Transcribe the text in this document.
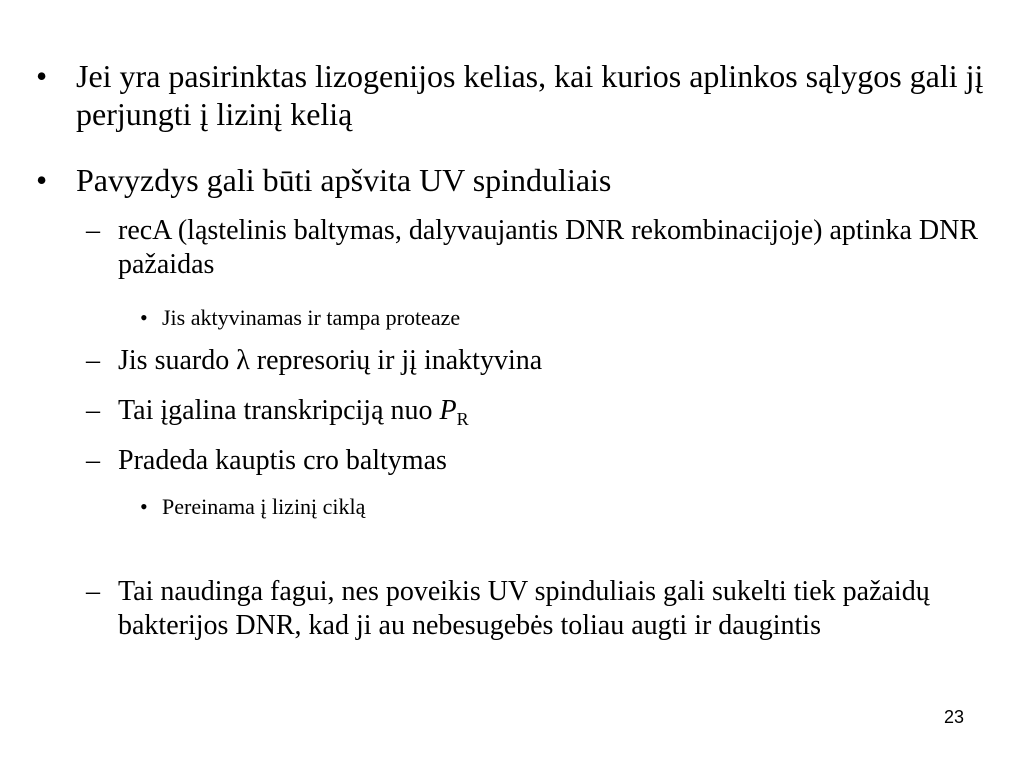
• Jei yra pasirinktas lizogenijos kelias, kai kurios aplinkos sąlygos gali jį perjungti į lizinį kelią
• Pavyzdys gali būti apšvita UV spinduliais
– recA (ląstelinis baltymas, dalyvaujantis DNR rekombinacijoje) aptinka DNR pažaidas
• Jis aktyvinamas ir tampa proteaze
– Jis suardo λ represorių ir jį inaktyvina
– Tai įgalina transkripciją nuo $P_R$
– Pradeda kauptis cro baltymas
• Pereinama į lizinį ciklą
– Tai naudinga fagui, nes poveikis UV spinduliais gali sukelti tiek pažaidų bakterijos DNR, kad ji au nebesugebės toliau augti ir daugintis
23
